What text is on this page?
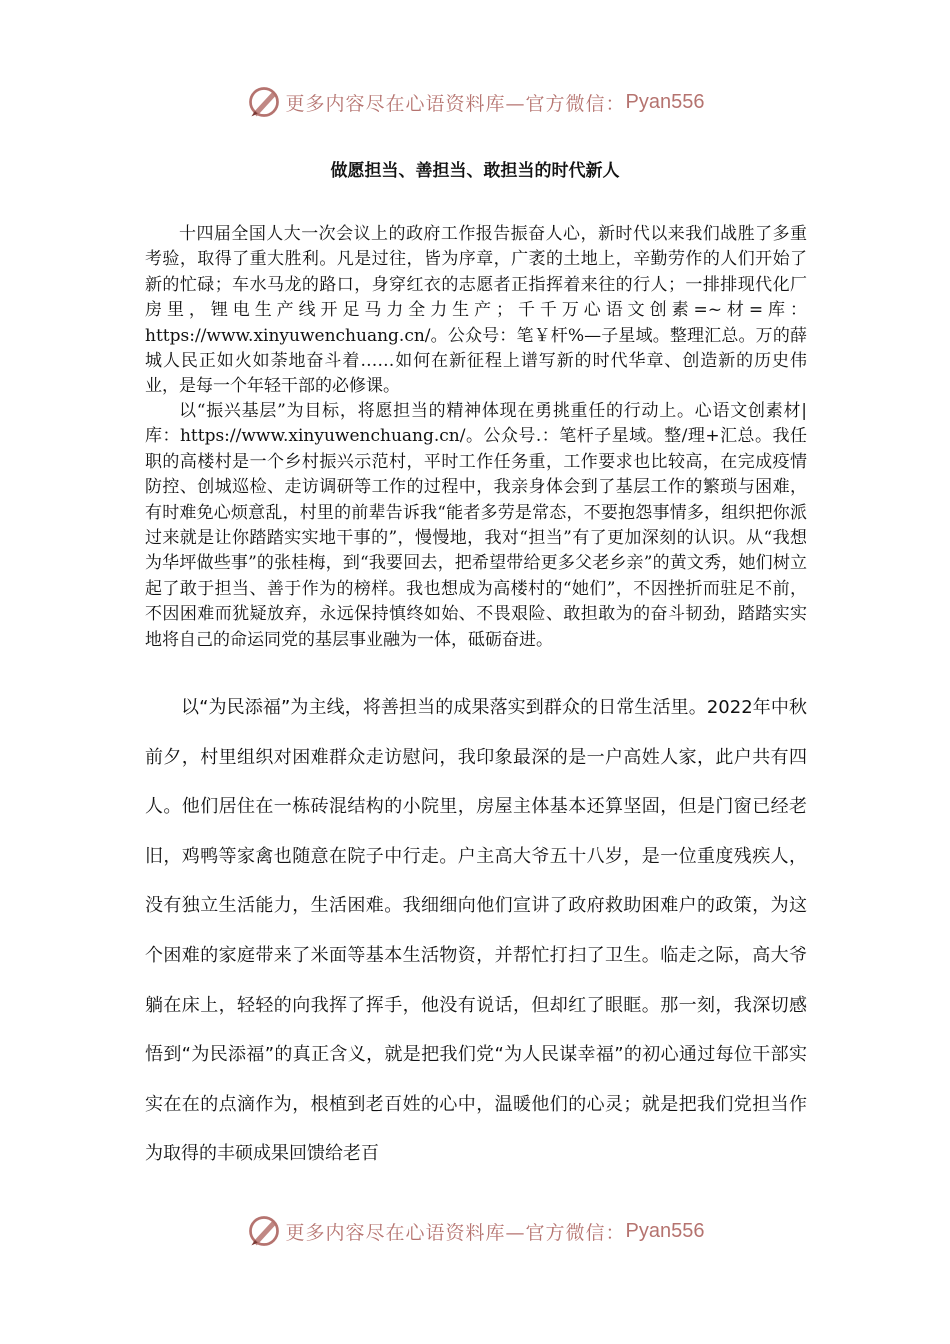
更多内容尽在心语资料库—官方微信： Pyan556
做愿担当、善担当、敢担当的时代新人

十四届全国人大一次会议上的政府工作报告振奋人心，新时代以来我们战胜了多重考验，取得了重大胜利。凡是过往，皆为序章，广袤的土地上，辛勤劳作的人们开始了新的忙碌；车水马龙的路口，身穿红衣的志愿者正指挥着来往的行人；一排排现代化厂房里，锂电生产线开足马力全力生产；千千万心语文创素=~材=库：https://www.xinyuwenchuang.cn/。公众号：笔￥杆%—子星域。整理汇总。万的薛城人民正如火如荼地奋斗着……如何在新征程上谱写新的时代华章、创造新的历史伟业，是每一个年轻干部的必修课。

以“振兴基层”为目标，将愿担当的精神体现在勇挑重任的行动上。心语文创素材|库：https://www.xinyuwenchuang.cn/。公众号.：笔杆子星域。整/理+汇总。我任职的高楼村是一个乡村振兴示范村，平时工作任务重，工作要求也比较高，在完成疫情防控、创城巡检、走访调研等工作的过程中，我亲身体会到了基层工作的繁琐与困难，有时难免心烦意乱，村里的前辈告诉我“能者多劳是常态，不要抱怨事情多，组织把你派过来就是让你踏踏实实地干事的”，慢慢地，我对“担当”有了更加深刻的认识。从“我想为华坪做些事”的张桂梅，到“我要回去，把希望带给更多父老乡亲”的黄文秀，她们树立起了敢于担当、善于作为的榜样。我也想成为高楼村的“她们”，不因挫折而驻足不前，不因困难而犹疑放弃，永远保持慎终如始、不畏艰险、敢担敢为的奋斗韧劲，踏踏实实地将自己的命运同党的基层事业融为一体，砥砺奋进。

以“为民添福”为主线，将善担当的成果落实到群众的日常生活里。2022年中秋前夕，村里组织对困难群众走访慰问，我印象最深的是一户高姓人家，此户共有四人。他们居住在一栋砖混结构的小院里，房屋主体基本还算坚固，但是门窗已经老旧，鸡鸭等家禽也随意在院子中行走。户主高大爷五十八岁，是一位重度残疾人，没有独立生活能力，生活困难。我细细向他们宣讲了政府救助困难户的政策，为这个困难的家庭带来了米面等基本生活物资，并帮忙打扫了卫生。临走之际，高大爷躺在床上，轻轻的向我挥了挥手，他没有说话，但却红了眼眶。那一刻，我深切感悟到“为民添福”的真正含义，就是把我们党“为人民谋幸福”的初心通过每位干部实实在在的点滴作为，根植到老百姓的心中，温暖他们的心灵；就是把我们党担当作为取得的丰硕成果回馈给老百

更多内容尽在心语资料库—官方微信： Pyan556
